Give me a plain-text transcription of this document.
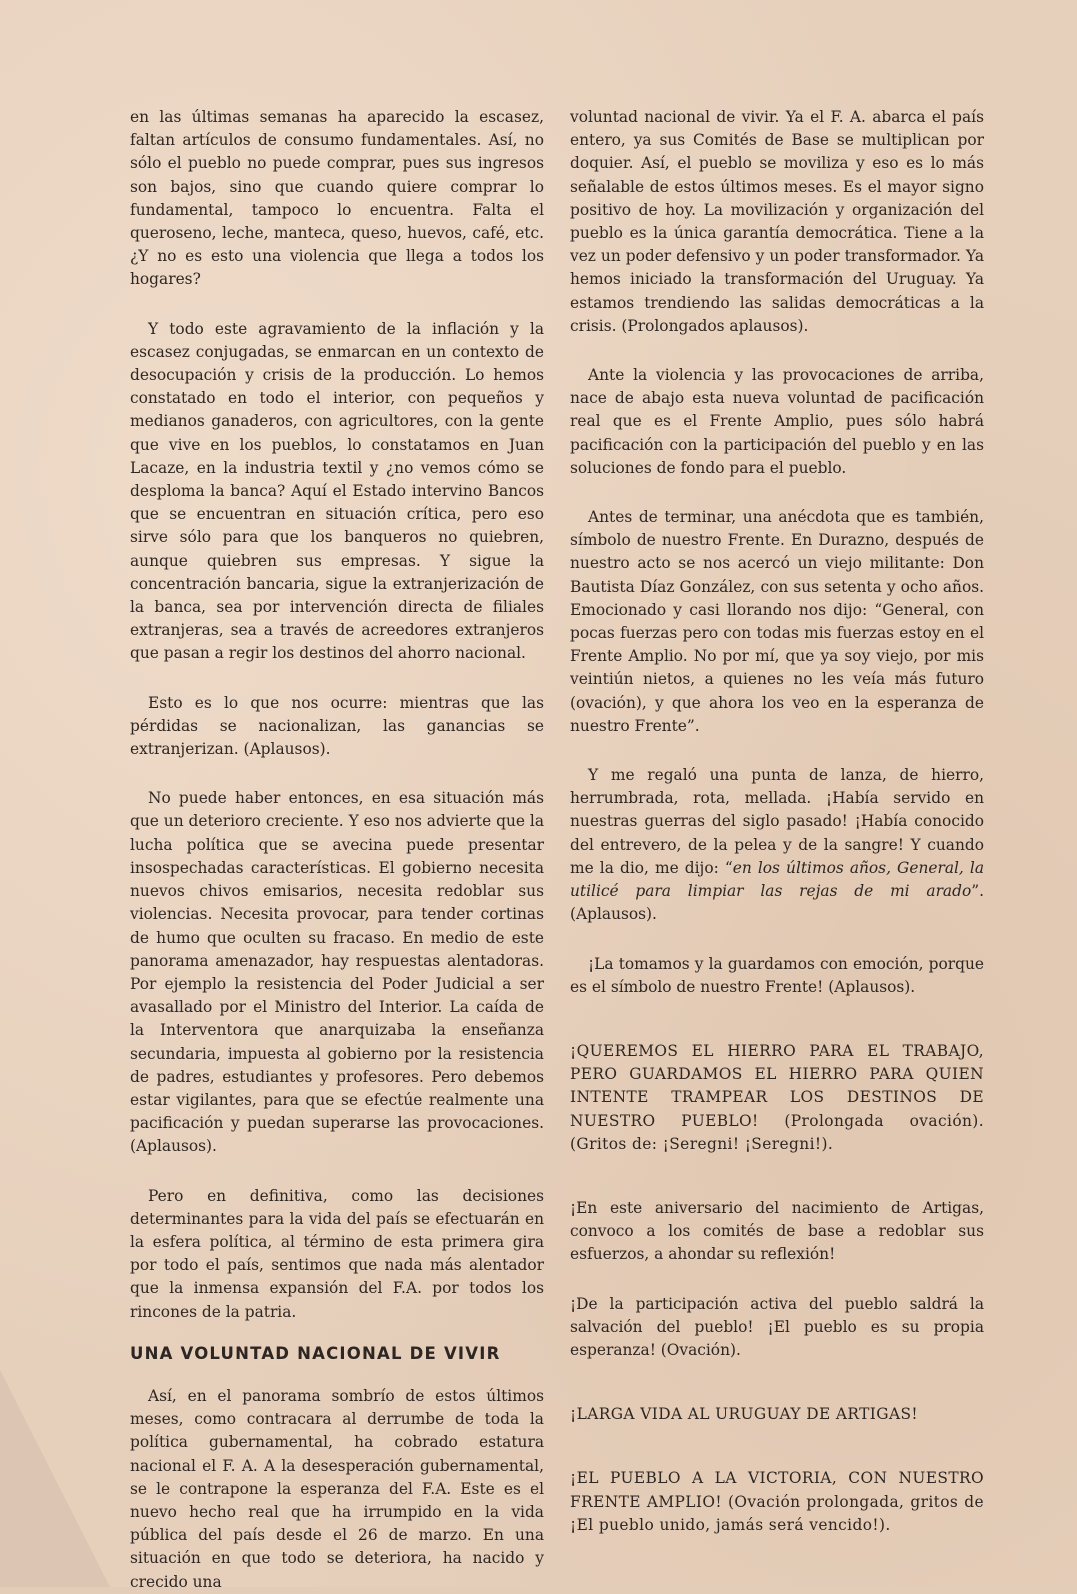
en las últimas semanas ha aparecido la escasez, faltan artículos de consumo fundamentales. Así, no sólo el pueblo no puede comprar, pues sus ingresos son bajos, sino que cuando quiere comprar lo fundamental, tampoco lo encuentra. Falta el queroseno, leche, manteca, queso, huevos, café, etc. ¿Y no es esto una violencia que llega a todos los hogares?

Y todo este agravamiento de la inflación y la escasez conjugadas, se enmarcan en un contexto de desocupación y crisis de la producción. Lo hemos constatado en todo el interior, con pequeños y medianos ganaderos, con agricultores, con la gente que vive en los pueblos, lo constatamos en Juan Lacaze, en la industria textil y ¿no vemos cómo se desploma la banca? Aquí el Estado intervino Bancos que se encuentran en situación crítica, pero eso sirve sólo para que los banqueros no quiebren, aunque quiebren sus empresas. Y sigue la concentración bancaria, sigue la extranjerización de la banca, sea por intervención directa de filiales extranjeras, sea a través de acreedores extranjeros que pasan a regir los destinos del ahorro nacional.

Esto es lo que nos ocurre: mientras que las pérdidas se nacionalizan, las ganancias se extranjerizan. (Aplausos).

No puede haber entonces, en esa situación más que un deterioro creciente. Y eso nos advierte que la lucha política que se avecina puede presentar insospechadas características. El gobierno necesita nuevos chivos emisarios, necesita redoblar sus violencias. Necesita provocar, para tender cortinas de humo que oculten su fracaso. En medio de este panorama amenazador, hay respuestas alentadoras. Por ejemplo la resistencia del Poder Judicial a ser avasallado por el Ministro del Interior. La caída de la Interventora que anarquizaba la enseñanza secundaria, impuesta al gobierno por la resistencia de padres, estudiantes y profesores. Pero debemos estar vigilantes, para que se efectúe realmente una pacificación y puedan superarse las provocaciones. (Aplausos).

Pero en definitiva, como las decisiones determinantes para la vida del país se efectuarán en la esfera política, al término de esta primera gira por todo el país, sentimos que nada más alentador que la inmensa expansión del F.A. por todos los rincones de la patria.

UNA VOLUNTAD NACIONAL DE VIVIR

Así, en el panorama sombrío de estos últimos meses, como contracara al derrumbe de toda la política gubernamental, ha cobrado estatura nacional el F. A. A la desesperación gubernamental, se le contrapone la esperanza del F.A. Este es el nuevo hecho real que ha irrumpido en la vida pública del país desde el 26 de marzo. En una situación en que todo se deteriora, ha nacido y crecido una

voluntad nacional de vivir. Ya el F. A. abarca el país entero, ya sus Comités de Base se multiplican por doquier. Así, el pueblo se moviliza y eso es lo más señalable de estos últimos meses. Es el mayor signo positivo de hoy. La movilización y organización del pueblo es la única garantía democrática. Tiene a la vez un poder defensivo y un poder transformador. Ya hemos iniciado la transformación del Uruguay. Ya estamos trendiendo las salidas democráticas a la crisis. (Prolongados aplausos).

Ante la violencia y las provocaciones de arriba, nace de abajo esta nueva voluntad de pacificación real que es el Frente Amplio, pues sólo habrá pacificación con la participación del pueblo y en las soluciones de fondo para el pueblo.

Antes de terminar, una anécdota que es también, símbolo de nuestro Frente. En Durazno, después de nuestro acto se nos acercó un viejo militante: Don Bautista Díaz González, con sus setenta y ocho años. Emocionado y casi llorando nos dijo: “General, con pocas fuerzas pero con todas mis fuerzas estoy en el Frente Amplio. No por mí, que ya soy viejo, por mis veintiún nietos, a quienes no les veía más futuro (ovación), y que ahora los veo en la esperanza de nuestro Frente”.

Y me regaló una punta de lanza, de hierro, herrumbrada, rota, mellada. ¡Había servido en nuestras guerras del siglo pasado! ¡Había conocido del entrevero, de la pelea y de la sangre! Y cuando me la dio, me dijo: “en los últimos años, General, la utilicé para limpiar las rejas de mi arado”. (Aplausos).

¡La tomamos y la guardamos con emoción, porque es el símbolo de nuestro Frente! (Aplausos).

¡QUEREMOS EL HIERRO PARA EL TRABAJO, PERO GUARDAMOS EL HIERRO PARA QUIEN INTENTE TRAMPEAR LOS DESTINOS DE NUESTRO PUEBLO! (Prolongada ovación). (Gritos de: ¡Seregni! ¡Seregni!).

¡En este aniversario del nacimiento de Artigas, convoco a los comités de base a redoblar sus esfuerzos, a ahondar su reflexión!

¡De la participación activa del pueblo saldrá la salvación del pueblo! ¡El pueblo es su propia esperanza! (Ovación).

¡LARGA VIDA AL URUGUAY DE ARTIGAS!

¡EL PUEBLO A LA VICTORIA, CON NUESTRO FRENTE AMPLIO! (Ovación prolongada, gritos de ¡El pueblo unido, jamás será vencido!).
